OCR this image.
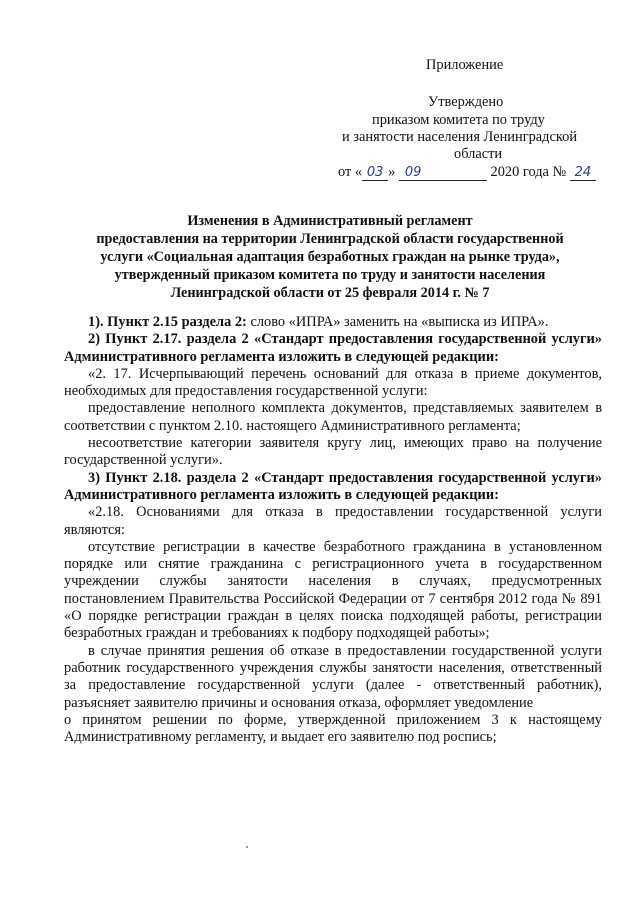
Приложение
Утверждено
приказом комитета по труду
и занятости населения Ленинградской
области
от « 03 » 09	2020 года № 24
Изменения в Административный регламент
предоставления на территории Ленинградской области государственной
услуги «Социальная адаптация безработных граждан на рынке труда»,
утвержденный приказом комитета по труду и занятости населения
Ленинградской области от 25 февраля 2014 г. № 7

1). Пункт 2.15 раздела 2: слово «ИПРА» заменить на «выписка из ИПРА».

2) Пункт 2.17. раздела 2 «Стандарт предоставления государственной услуги» Административного регламента изложить в следующей редакции:

«2. 17. Исчерпывающий перечень оснований для отказа в приеме документов, необходимых для предоставления государственной услуги:

предоставление неполного комплекта документов, представляемых заявителем в соответствии с пунктом 2.10. настоящего Административного регламента;

несоответствие категории заявителя кругу лиц, имеющих право на получение государственной услуги».

3) Пункт 2.18. раздела 2 «Стандарт предоставления государственной услуги» Административного регламента изложить в следующей редакции:

«2.18. Основаниями для отказа в предоставлении государственной услуги являются:

отсутствие регистрации в качестве безработного гражданина в установленном порядке или снятие гражданина с регистрационного учета в государственном учреждении службы занятости населения в случаях, предусмотренных постановлением Правительства Российской Федерации от 7 сентября 2012 года № 891 «О порядке регистрации граждан в целях поиска подходящей работы, регистрации безработных граждан и требованиях к подбору подходящей работы»;

в случае принятия решения об отказе в предоставлении государственной услуги работник государственного учреждения службы занятости населения, ответственный за предоставление государственной услуги (далее - ответственный работник), разъясняет заявителю причины и основания отказа, оформляет уведомление

о принятом решении по форме, утвержденной приложением 3 к настоящему Административному регламенту, и выдает его заявителю под роспись;
